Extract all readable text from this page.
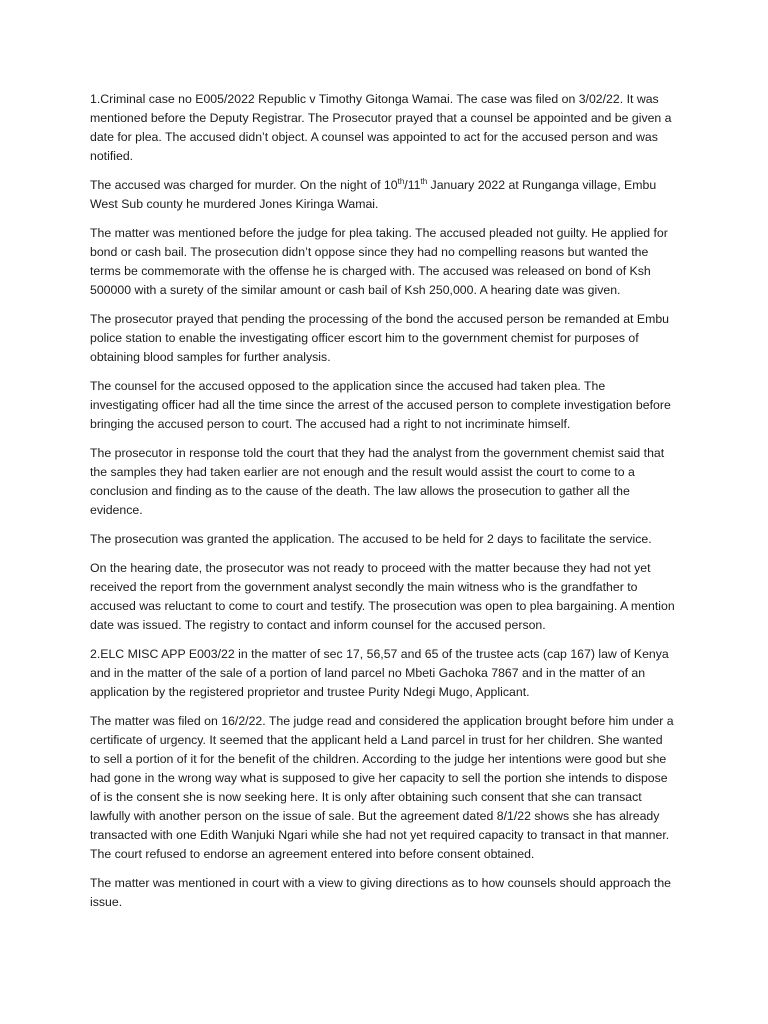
1.Criminal case no E005/2022 Republic v Timothy Gitonga Wamai. The case was filed on 3/02/22. It was mentioned before the Deputy Registrar. The Prosecutor prayed that a counsel be appointed and be given a date for plea. The accused didn’t object. A counsel was appointed to act for the accused person and was notified.

The accused was charged for murder. On the night of 10th/11th January 2022 at Runganga village, Embu West Sub county he murdered Jones Kiringa Wamai.

The matter was mentioned before the judge for plea taking. The accused pleaded not guilty. He applied for bond or cash bail. The prosecution didn’t oppose since they had no compelling reasons but wanted the terms be commemorate with the offense he is charged with. The accused was released on bond of Ksh 500000 with a surety of the similar amount or cash bail of Ksh 250,000. A hearing date was given.

The prosecutor prayed that pending the processing of the bond the accused person be remanded at Embu police station to enable the investigating officer escort him to the government chemist for purposes of obtaining blood samples for further analysis.

The counsel for the accused opposed to the application since the accused had taken plea. The investigating officer had all the time since the arrest of the accused person to complete investigation before bringing the accused person to court. The accused had a right to not incriminate himself.

The prosecutor in response told the court that they had the analyst from the government chemist said that the samples they had taken earlier are not enough and the result would assist the court to come to a conclusion and finding as to the cause of the death. The law allows the prosecution to gather all the evidence.

The prosecution was granted the application. The accused to be held for 2 days to facilitate the service.

On the hearing date, the prosecutor was not ready to proceed with the matter because they had not yet received the report from the government analyst secondly the main witness who is the grandfather to accused was reluctant to come to court and testify. The prosecution was open to plea bargaining. A mention date was issued. The registry to contact and inform counsel for the accused person.

2.ELC MISC APP E003/22 in the matter of sec 17, 56,57 and 65 of the trustee acts (cap 167) law of Kenya and in the matter of the sale of a portion of land parcel no Mbeti Gachoka 7867 and in the matter of an application by the registered proprietor and trustee Purity Ndegi Mugo, Applicant.

The matter was filed on 16/2/22. The judge read and considered the application brought before him under a certificate of urgency. It seemed that the applicant held a Land parcel in trust for her children. She wanted to sell a portion of it for the benefit of the children. According to the judge her intentions were good but she had gone in the wrong way what is supposed to give her capacity to sell the portion she intends to dispose of is the consent she is now seeking here. It is only after obtaining such consent that she can transact lawfully with another person on the issue of sale. But the agreement dated 8/1/22 shows she has already transacted with one Edith Wanjuki Ngari while she had not yet required capacity to transact in that manner. The court refused to endorse an agreement entered into before consent obtained.

The matter was mentioned in court with a view to giving directions as to how counsels should approach the issue.
